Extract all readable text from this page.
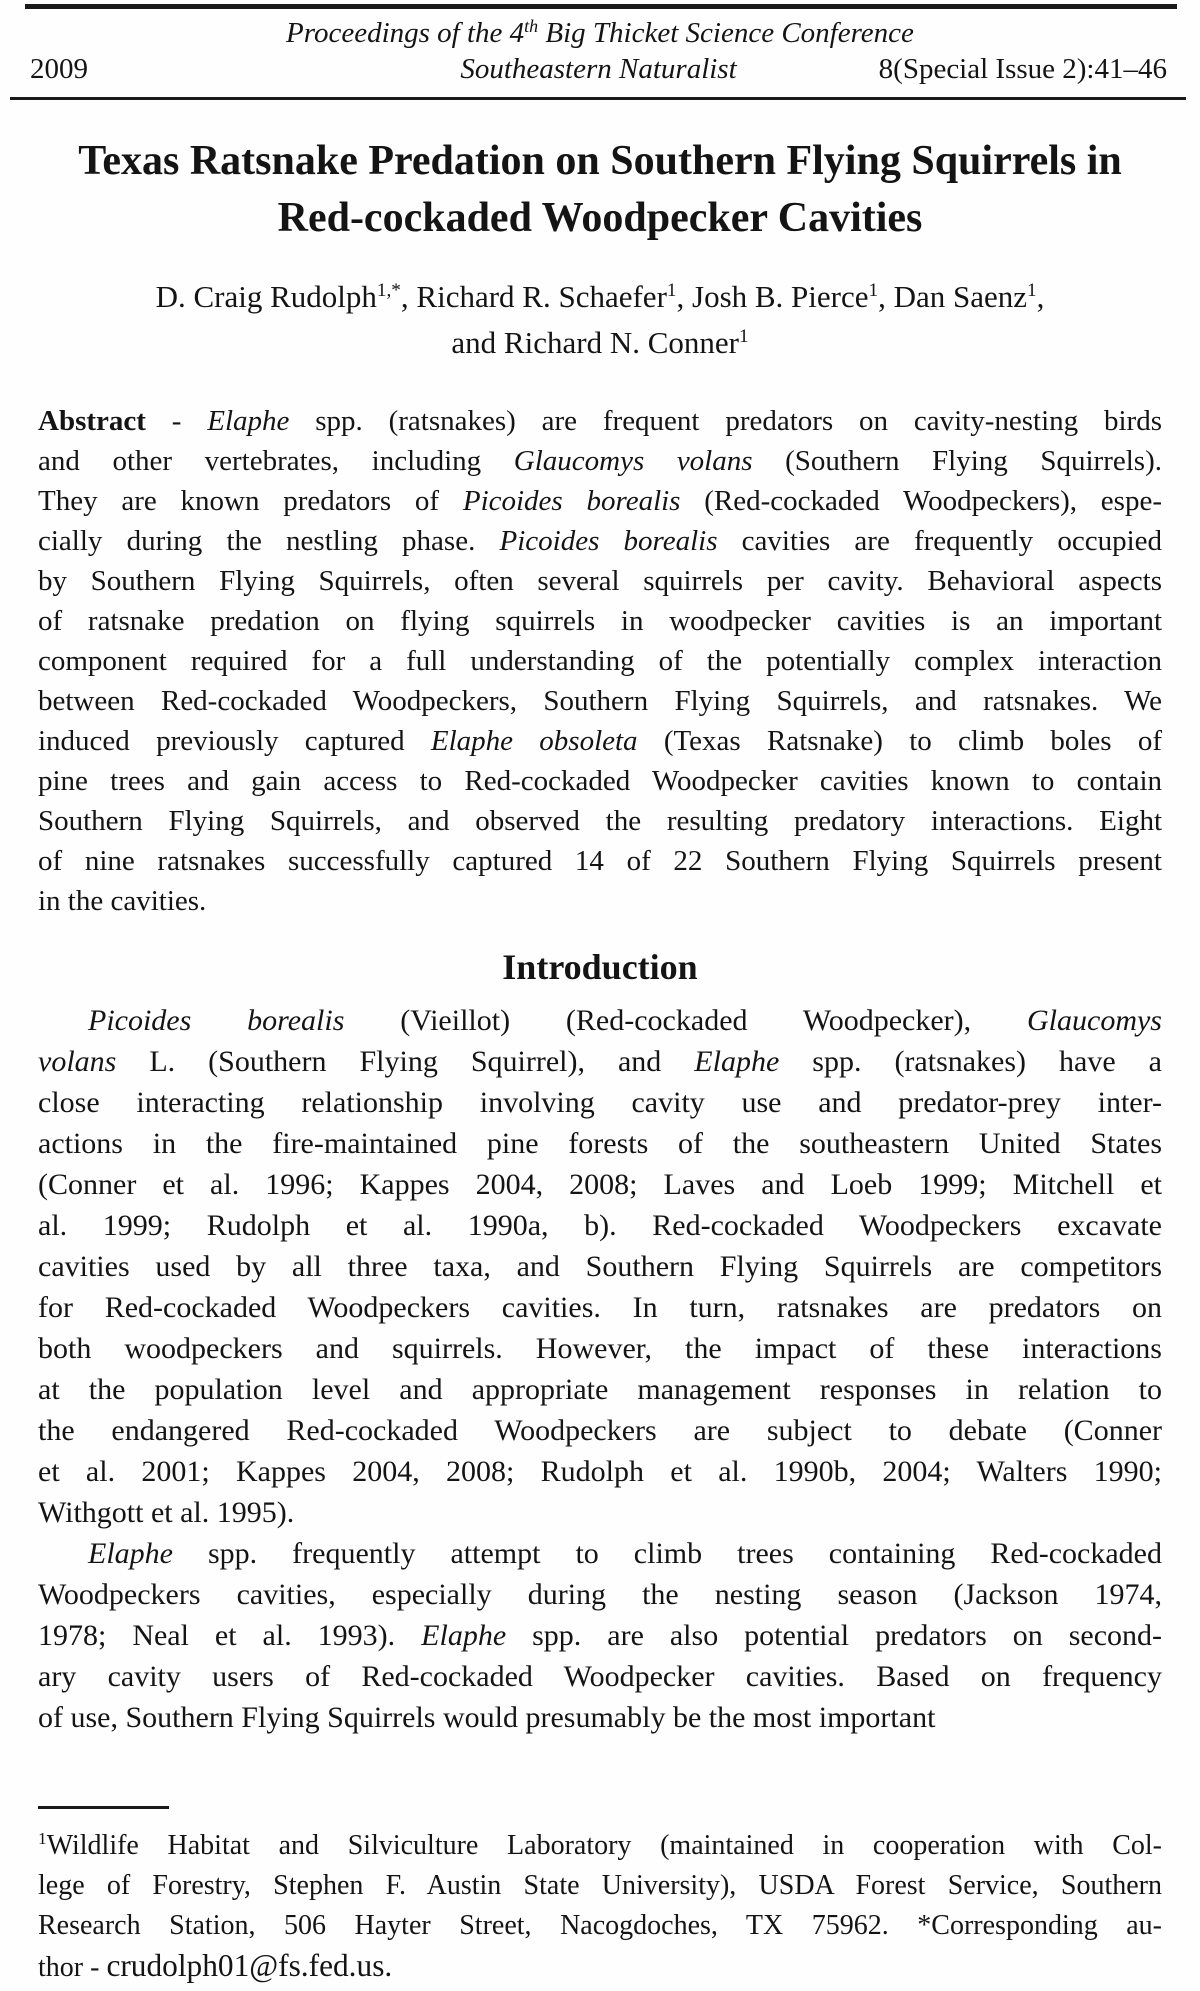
Proceedings of the 4th Big Thicket Science Conference
2009	Southeastern Naturalist	8(Special Issue 2):41–46
Texas Ratsnake Predation on Southern Flying Squirrels in
Red-cockaded Woodpecker Cavities
D. Craig Rudolph$^{1,*}$, Richard R. Schaefer$^1$, Josh B. Pierce$^1$, Dan Saenz$^1$,
and Richard N. Conner$^1$
Abstract - Elaphe spp. (ratsnakes) are frequent predators on cavity-nesting birds
and other vertebrates, including Glaucomys volans (Southern Flying Squirrels).
They are known predators of Picoides borealis (Red-cockaded Woodpeckers), espe-
cially during the nestling phase. Picoides borealis cavities are frequently occupied
by Southern Flying Squirrels, often several squirrels per cavity. Behavioral aspects
of ratsnake predation on flying squirrels in woodpecker cavities is an important
component required for a full understanding of the potentially complex interaction
between Red-cockaded Woodpeckers, Southern Flying Squirrels, and ratsnakes. We
induced previously captured Elaphe obsoleta (Texas Ratsnake) to climb boles of
pine trees and gain access to Red-cockaded Woodpecker cavities known to contain
Southern Flying Squirrels, and observed the resulting predatory interactions. Eight
of nine ratsnakes successfully captured 14 of 22 Southern Flying Squirrels present
in the cavities.
Introduction
Picoides borealis (Vieillot) (Red-cockaded Woodpecker), Glaucomys
volans L. (Southern Flying Squirrel), and Elaphe spp. (ratsnakes) have a
close interacting relationship involving cavity use and predator-prey inter-
actions in the fire-maintained pine forests of the southeastern United States
(Conner et al. 1996; Kappes 2004, 2008; Laves and Loeb 1999; Mitchell et
al. 1999; Rudolph et al. 1990a, b). Red-cockaded Woodpeckers excavate
cavities used by all three taxa, and Southern Flying Squirrels are competitors
for Red-cockaded Woodpeckers cavities. In turn, ratsnakes are predators on
both woodpeckers and squirrels. However, the impact of these interactions
at the population level and appropriate management responses in relation to
the endangered Red-cockaded Woodpeckers are subject to debate (Conner
et al. 2001; Kappes 2004, 2008; Rudolph et al. 1990b, 2004; Walters 1990;
Withgott et al. 1995).
Elaphe spp. frequently attempt to climb trees containing Red-cockaded
Woodpeckers cavities, especially during the nesting season (Jackson 1974,
1978; Neal et al. 1993). Elaphe spp. are also potential predators on second-
ary cavity users of Red-cockaded Woodpecker cavities. Based on frequency
of use, Southern Flying Squirrels would presumably be the most important
$^1$Wildlife Habitat and Silviculture Laboratory (maintained in cooperation with Col-
lege of Forestry, Stephen F. Austin State University), USDA Forest Service, Southern
Research Station, 506 Hayter Street, Nacogdoches, TX 75962. *Corresponding au-
thor - crudolph01@fs.fed.us.
